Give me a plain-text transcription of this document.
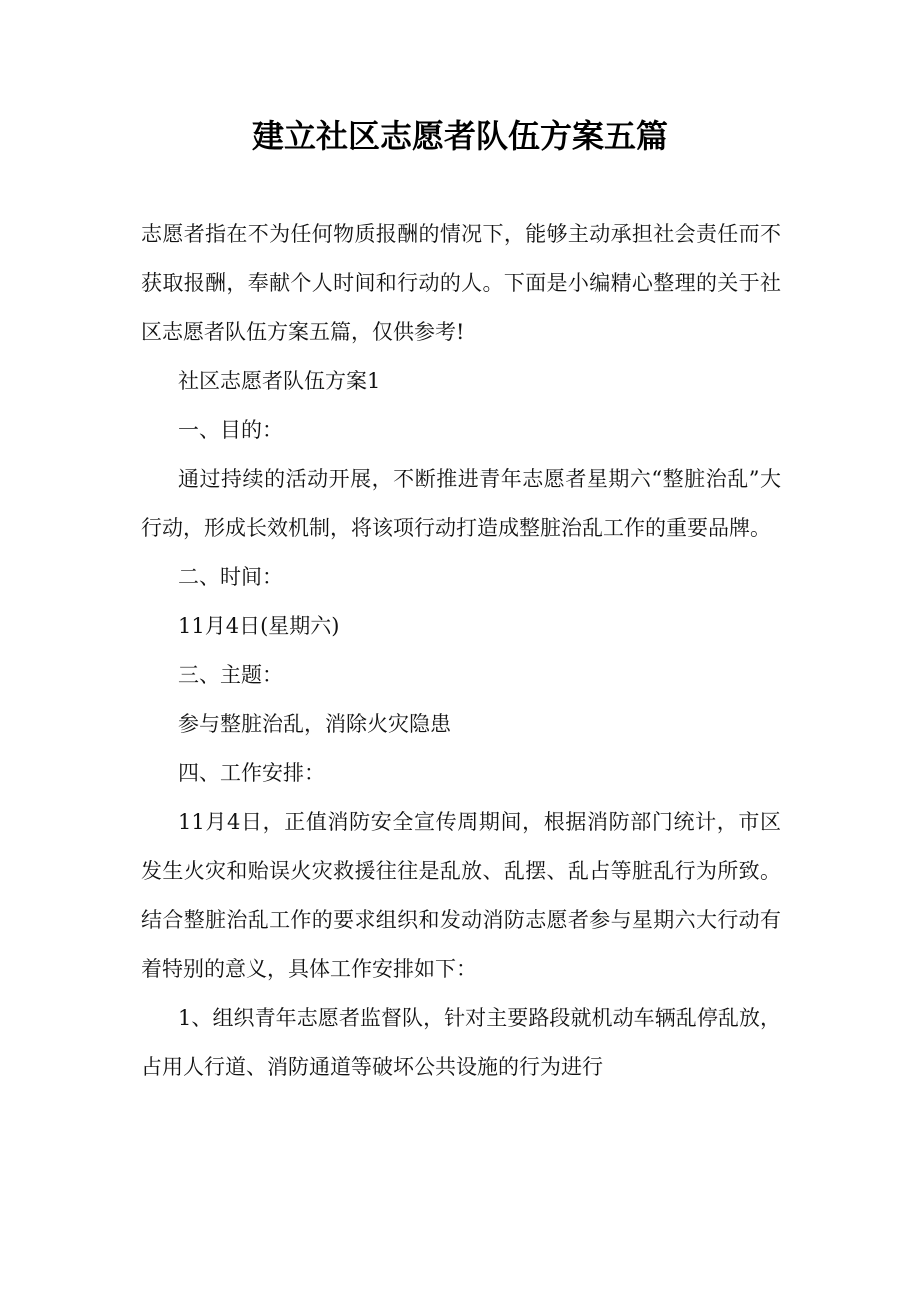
建立社区志愿者队伍方案五篇

志愿者指在不为任何物质报酬的情况下，能够主动承担社会责任而不获取报酬，奉献个人时间和行动的人。下面是小编精心整理的关于社区志愿者队伍方案五篇，仅供参考!

社区志愿者队伍方案1

一、目的：

通过持续的活动开展，不断推进青年志愿者星期六“整脏治乱”大行动，形成长效机制，将该项行动打造成整脏治乱工作的重要品牌。

二、时间：

11月4日(星期六)

三、主题：

参与整脏治乱，消除火灾隐患

四、工作安排：

11月4日，正值消防安全宣传周期间，根据消防部门统计，市区发生火灾和贻误火灾救援往往是乱放、乱摆、乱占等脏乱行为所致。结合整脏治乱工作的要求组织和发动消防志愿者参与星期六大行动有着特别的意义，具体工作安排如下：

1、组织青年志愿者监督队，针对主要路段就机动车辆乱停乱放，占用人行道、消防通道等破坏公共设施的行为进行
